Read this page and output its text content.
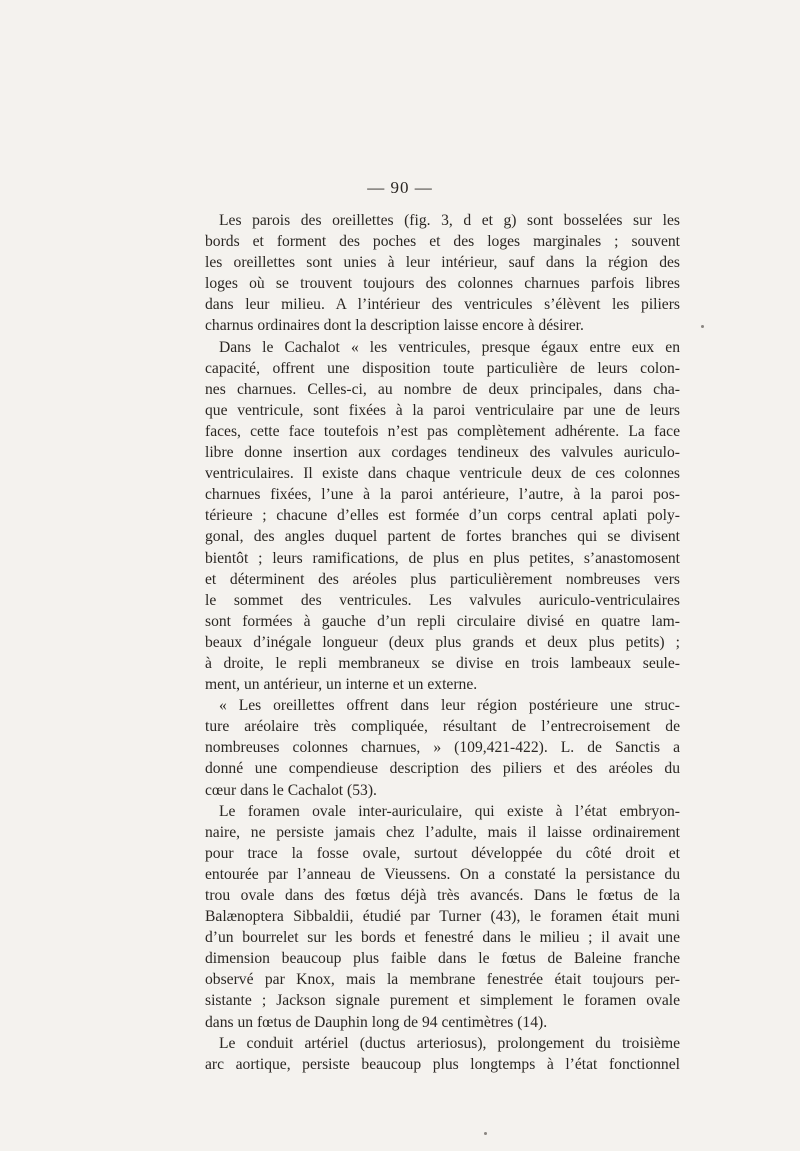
— 90 —

Les parois des oreillettes (fig. 3, d et g) sont bosselées sur les
bords et forment des poches et des loges marginales ; souvent
les oreillettes sont unies à leur intérieur, sauf dans la région des
loges où se trouvent toujours des colonnes charnues parfois libres
dans leur milieu. A l’intérieur des ventricules s’élèvent les piliers
charnus ordinaires dont la description laisse encore à désirer.

Dans le Cachalot « les ventricules, presque égaux entre eux en
capacité, offrent une disposition toute particulière de leurs colon-
nes charnues. Celles-ci, au nombre de deux principales, dans cha-
que ventricule, sont fixées à la paroi ventriculaire par une de leurs
faces, cette face toutefois n’est pas complètement adhérente. La face
libre donne insertion aux cordages tendineux des valvules auriculo-
ventriculaires. Il existe dans chaque ventricule deux de ces colonnes
charnues fixées, l’une à la paroi antérieure, l’autre, à la paroi pos-
térieure ; chacune d’elles est formée d’un corps central aplati poly-
gonal, des angles duquel partent de fortes branches qui se divisent
bientôt ; leurs ramifications, de plus en plus petites, s’anastomosent
et déterminent des aréoles plus particulièrement nombreuses vers
le sommet des ventricules. Les valvules auriculo-ventriculaires
sont formées à gauche d’un repli circulaire divisé en quatre lam-
beaux d’inégale longueur (deux plus grands et deux plus petits) ;
à droite, le repli membraneux se divise en trois lambeaux seule-
ment, un antérieur, un interne et un externe.

« Les oreillettes offrent dans leur région postérieure une struc-
ture aréolaire très compliquée, résultant de l’entrecroisement de
nombreuses colonnes charnues, » (109,421-422). L. de Sanctis a
donné une compendieuse description des piliers et des aréoles du
cœur dans le Cachalot (53).

Le foramen ovale inter-auriculaire, qui existe à l’état embryon-
naire, ne persiste jamais chez l’adulte, mais il laisse ordinairement
pour trace la fosse ovale, surtout développée du côté droit et
entourée par l’anneau de Vieussens. On a constaté la persistance du
trou ovale dans des fœtus déjà très avancés. Dans le fœtus de la
Balænoptera Sibbaldii, étudié par Turner (43), le foramen était muni
d’un bourrelet sur les bords et fenestré dans le milieu ; il avait une
dimension beaucoup plus faible dans le fœtus de Baleine franche
observé par Knox, mais la membrane fenestrée était toujours per-
sistante ; Jackson signale purement et simplement le foramen ovale
dans un fœtus de Dauphin long de 94 centimètres (14).

Le conduit artériel (ductus arteriosus), prolongement du troisième
arc aortique, persiste beaucoup plus longtemps à l’état fonctionnel
